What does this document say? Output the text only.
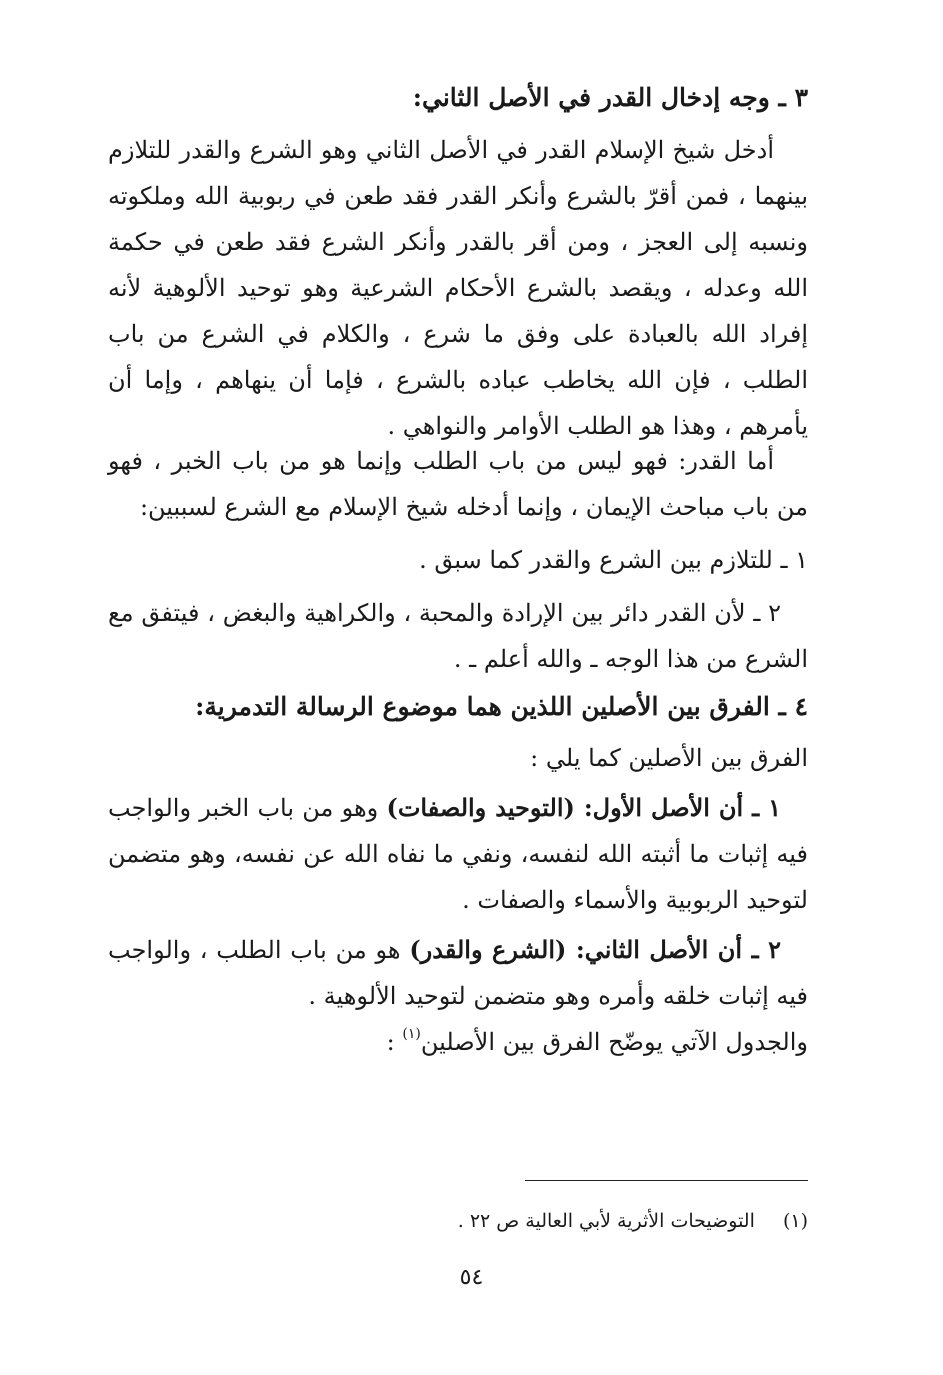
٣ ـ وجه إدخال القدر في الأصل الثاني:
أدخل شيخ الإسلام القدر في الأصل الثاني وهو الشرع والقدر للتلازم بينهما ، فمن أقرّ بالشرع وأنكر القدر فقد طعن في ربوبية الله وملكوته ونسبه إلى العجز ، ومن أقر بالقدر وأنكر الشرع فقد طعن في حكمة الله وعدله ، ويقصد بالشرع الأحكام الشرعية وهو توحيد الألوهية لأنه إفراد الله بالعبادة على وفق ما شرع ، والكلام في الشرع من باب الطلب ، فإن الله يخاطب عباده بالشرع ، فإما أن ينهاهم ، وإما أن يأمرهم ، وهذا هو الطلب الأوامر والنواهي .
أما القدر: فهو ليس من باب الطلب وإنما هو من باب الخبر ، فهو من باب مباحث الإيمان ، وإنما أدخله شيخ الإسلام مع الشرع لسببين:
١ ـ للتلازم بين الشرع والقدر كما سبق .
٢ ـ لأن القدر دائر بين الإرادة والمحبة ، والكراهية والبغض ، فيتفق مع الشرع من هذا الوجه ـ والله أعلم ـ .
٤ ـ الفرق بين الأصلين اللذين هما موضوع الرسالة التدمرية:
الفرق بين الأصلين كما يلي :
١ ـ أن الأصل الأول: (التوحيد والصفات) وهو من باب الخبر والواجب فيه إثبات ما أثبته الله لنفسه، ونفي ما نفاه الله عن نفسه، وهو متضمن لتوحيد الربوبية والأسماء والصفات .
٢ ـ أن الأصل الثاني: (الشرع والقدر) هو من باب الطلب ، والواجب فيه إثبات خلقه وأمره وهو متضمن لتوحيد الألوهية .
والجدول الآتي يوضّح الفرق بين الأصلين$^{(١)}$ :
(١) التوضيحات الأثرية لأبي العالية ص ٢٢ .
٥٤
